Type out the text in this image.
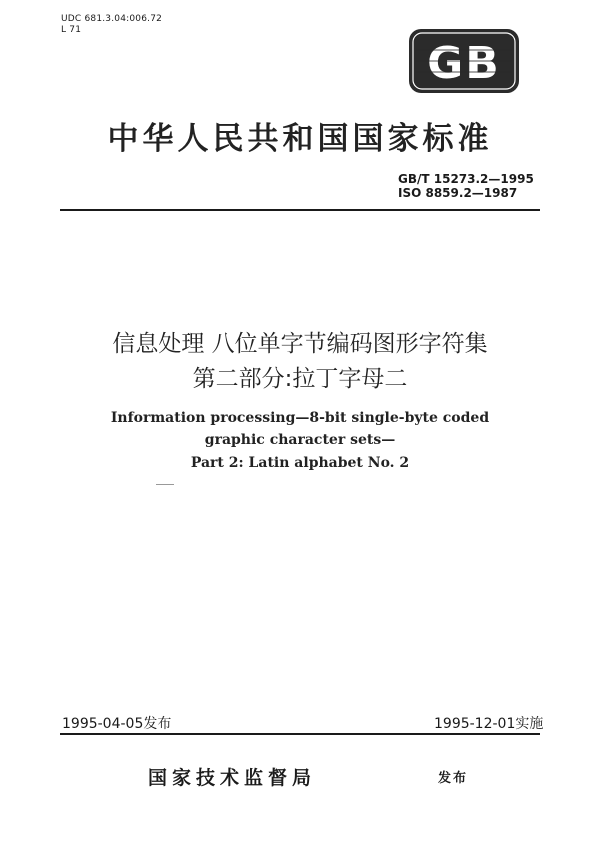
UDC 681.3.04:006.72
L 71
GB
中华人民共和国国家标准
GB/T 15273.2—1995
ISO 8859.2—1987
信息处理 八位单字节编码图形字符集
第二部分:拉丁字母二
Information processing—8-bit single-byte coded
graphic character sets—
Part 2: Latin alphabet No. 2
1995-04-05发布	1995-12-01实施
国家技术监督局	发布
